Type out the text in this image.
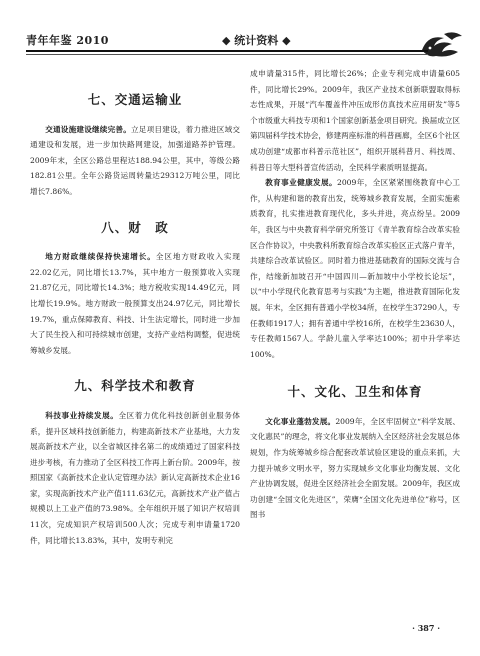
青年年鉴 2010	◆ 统计资料 ◆
七、交通运输业

交通设施建设继续完善。立足项目建设，着力推进区域交通建设和发展，进一步加快路网建设，加强道路养护管理。2009年末，全区公路总里程达188.94公里，其中，等级公路182.81公里。全年公路货运周转量达29312万吨公里，同比增长7.86%。

八、财　政

地方财政继续保持快速增长。全区地方财政收入实现22.02亿元，同比增长13.7%，其中地方一般预算收入实现21.87亿元，同比增长14.3%；地方税收实现14.49亿元，同比增长19.9%。地方财政一般预算支出24.97亿元，同比增长19.7%，重点保障教育、科技、计生法定增长，同时进一步加大了民生投入和可持续城市创建，支持产业结构调整，促进统筹城乡发展。

九、科学技术和教育

科技事业持续发展。全区着力优化科技创新创业服务体系，提升区域科技创新能力，构建高新技术产业基地，大力发展高新技术产业，以全省城区排名第二的成绩通过了国家科技进步考核，有力推动了全区科技工作再上新台阶。2009年，按照国家《高新技术企业认定管理办法》新认定高新技术企业16家，实现高新技术产业产值111.63亿元，高新技术产业产值占规模以上工业产值的73.98%。全年组织开展了知识产权培训11次，完成知识产权培训500人次；完成专利申请量1720件，同比增长13.83%，其中，发明专利完

成申请量315件，同比增长26%；企业专利完成申请量605件，同比增长29%。2009年，我区产业技术创新联盟取得标志性成果，开展“汽车覆盖件冲压成形仿真技术应用研发”等5个市级重大科技专项和1个国家创新基金项目研究。换届成立区第四届科学技术协会，修建两座标准的科普画廊，全区6个社区成功创建“成都市科普示范社区”，组织开展科普月、科技周、科普日等大型科普宣传活动，全民科学素质明显提高。

教育事业健康发展。2009年，全区紧紧围绕教育中心工作，从构建和谐的教育出发，统筹城乡教育发展，全面实施素质教育，扎实推进教育现代化，多头并进，亮点纷呈。2009年，我区与中央教育科学研究所签订《青羊教育综合改革实验区合作协议》，中央教科所教育综合改革实验区正式落户青羊，共建综合改革试验区。同时着力推进基础教育的国际交流与合作，结缘新加坡召开“中国四川—新加坡中小学校长论坛”，以“中小学现代化教育思考与实践”为主题，推进教育国际化发展。年末，全区拥有普通小学校34所，在校学生37290人，专任教师1917人；拥有普通中学校16所，在校学生23630人，专任教师1567人。学龄儿童入学率达100%；初中升学率达100%。

十、文化、卫生和体育

文化事业蓬勃发展。2009年，全区牢固树立“科学发展、文化惠民”的理念，将文化事业发展纳入全区经济社会发展总体规划，作为统筹城乡综合配套改革试验区建设的重点来抓，大力提升城乡文明水平，努力实现城乡文化事业均衡发展、文化产业协调发展，促进全区经济社会全面发展。2009年，我区成功创建“全国文化先进区”，荣膺“全国文化先进单位”称号，区图书

· 387 ·
